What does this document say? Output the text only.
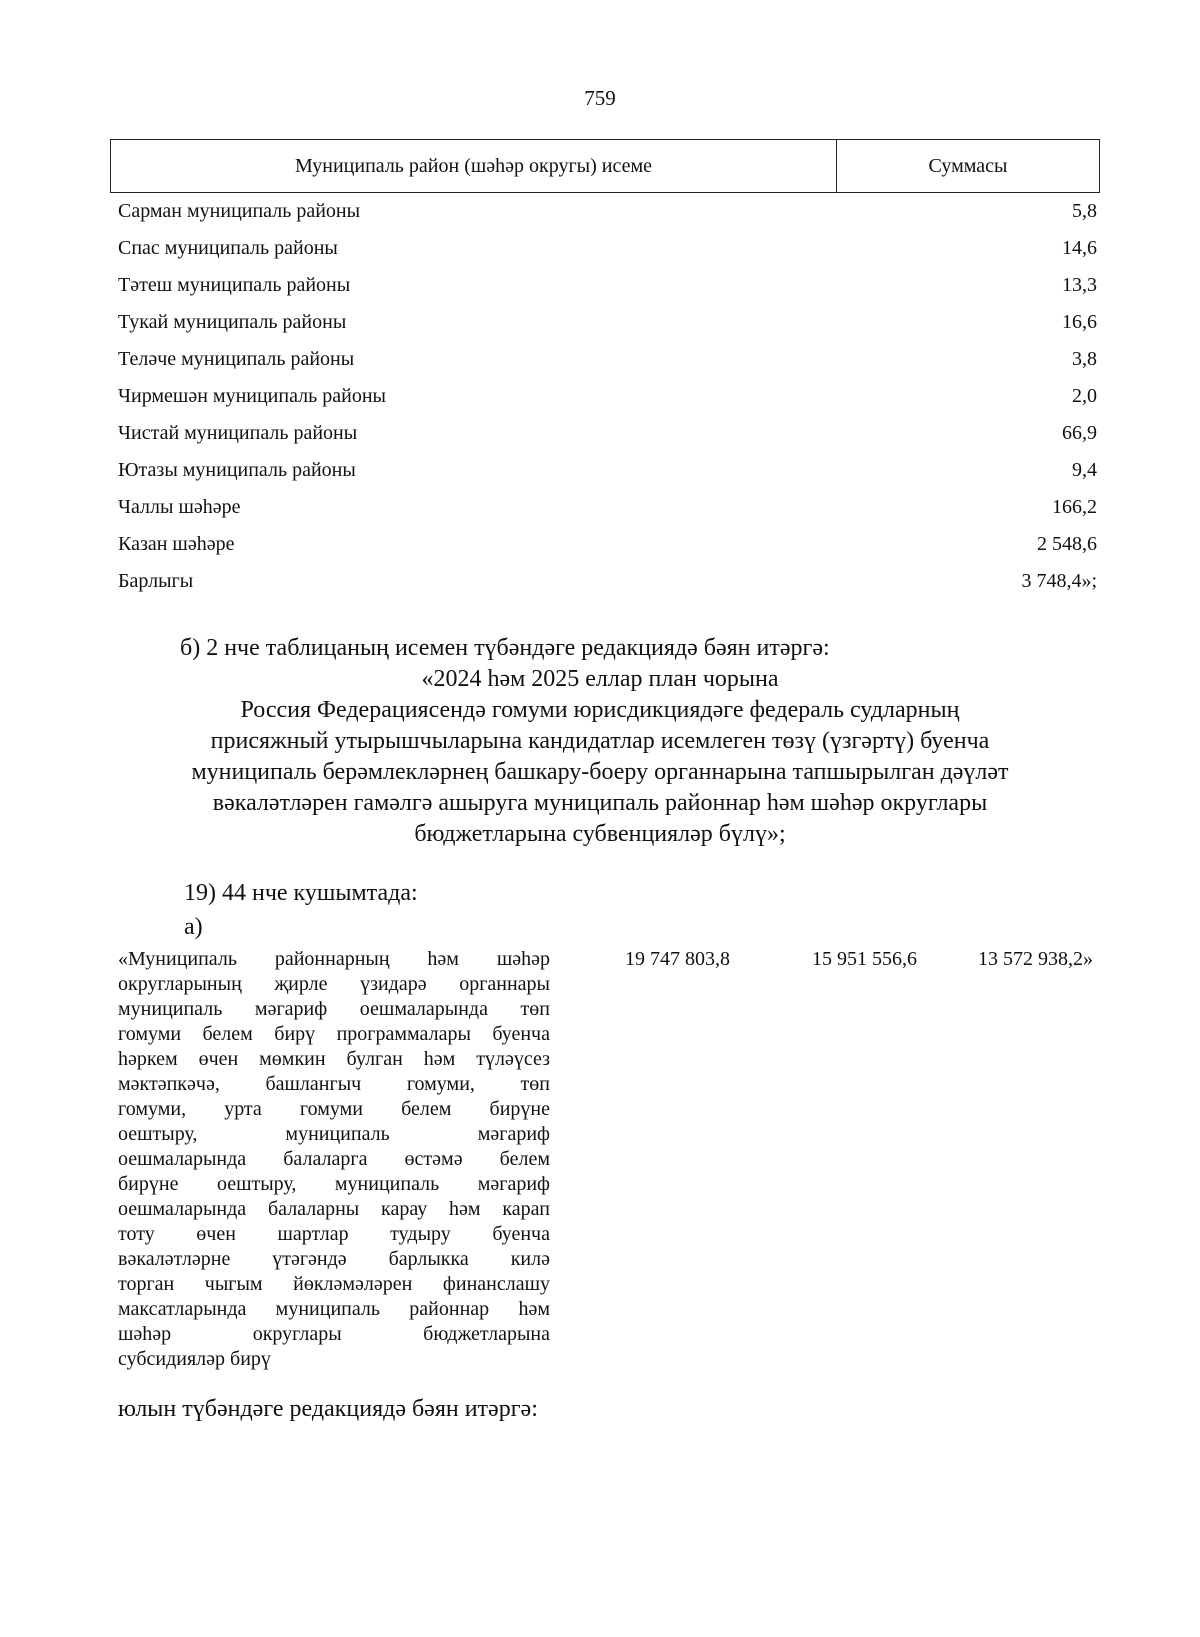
759
Муниципаль район (шәһәр округы) исеме	Суммасы
Сарман муниципаль районы	5,8
Спас муниципаль районы	14,6
Тәтеш муниципаль районы	13,3
Тукай муниципаль районы	16,6
Теләче муниципаль районы	3,8
Чирмешән муниципаль районы	2,0
Чистай муниципаль районы	66,9
Ютазы муниципаль районы	9,4
Чаллы шәһәре	166,2
Казан шәһәре	2 548,6
Барлыгы	3 748,4»;
б) 2 нче таблицаның исемен түбәндәге редакциядә бәян итәргә:
«2024 һәм 2025 еллар план чорына
Россия Федерациясендә гомуми юрисдикциядәге федераль судларның
присяжный утырышчыларына кандидатлар исемлеген төзү (үзгәртү) буенча
муниципаль берәмлекләрнең башкару-боеру органнарына тапшырылган дәүләт
вәкаләтләрен гамәлгә ашыруга муниципаль районнар һәм шәһәр округлары
бюджетларына субвенцияләр бүлү»;
19) 44 нче кушымтада:
а)
«Муниципаль районнарның һәм шәһәр
округларының җирле үзидарә органнары
муниципаль мәгариф оешмаларында төп
гомуми белем бирү программалары буенча
һәркем өчен мөмкин булган һәм түләүсез
мәктәпкәчә, башлангыч гомуми, төп
гомуми, урта гомуми белем бирүне
оештыру, муниципаль мәгариф
оешмаларында балаларга өстәмә белем
бирүне оештыру, муниципаль мәгариф
оешмаларында балаларны карау һәм карап
тоту өчен шартлар тудыру буенча
вәкаләтләрне үтәгәндә барлыкка килә
торган чыгым йөкләмәләрен финанслашу
максатларында муниципаль районнар һәм
шәһәр округлары бюджетларына
субсидияләр бирү
19 747 803,8	15 951 556,6	13 572 938,2»
юлын түбәндәге редакциядә бәян итәргә:
